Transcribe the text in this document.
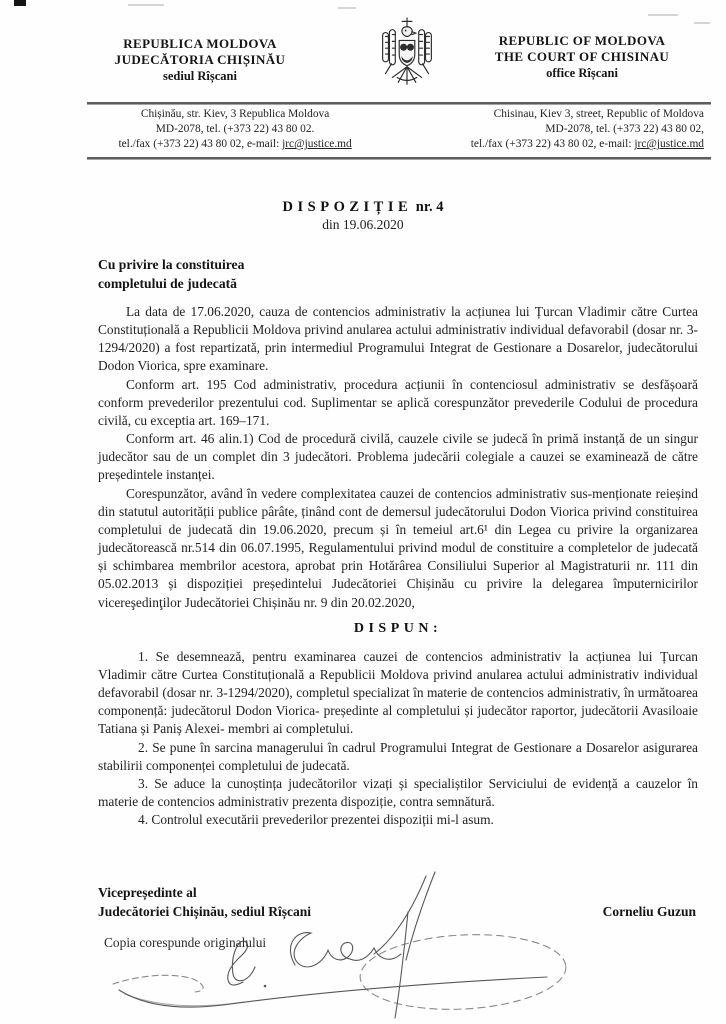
REPUBLICA MOLDOVA
JUDECĂTORIA CHIȘINĂU
sediul Rîșcani
REPUBLIC OF MOLDOVA
THE COURT OF CHISINAU
office Rîșcani
Chișinău, str. Kiev, 3 Republica Moldova
MD-2078, tel. (+373 22) 43 80 02.
tel./fax (+373 22) 43 80 02, e-mail: jrc@justice.md
Chisinau, Kiev 3, street, Republic of Moldova
MD-2078, tel. (+373 22) 43 80 02,
tel./fax (+373 22) 43 80 02, e-mail: jrc@justice.md
DISPOZIȚIE nr. 4
din 19.06.2020
Cu privire la constituirea
completului de judecată

La data de 17.06.2020, cauza de contencios administrativ la acțiunea lui Țurcan Vladimir către Curtea Constituțională a Republicii Moldova privind anularea actului administrativ individual defavorabil (dosar nr. 3-1294/2020) a fost repartizată, prin intermediul Programului Integrat de Gestionare a Dosarelor, judecătorului Dodon Viorica, spre examinare.

Conform art. 195 Cod administrativ, procedura acțiunii în contenciosul administrativ se desfășoară conform prevederilor prezentului cod. Suplimentar se aplică corespunzător prevederile Codului de procedura civilă, cu exceptia art. 169–171.

Conform art. 46 alin.1) Cod de procedură civilă, cauzele civile se judecă în primă instanță de un singur judecător sau de un complet din 3 judecători. Problema judecării colegiale a cauzei se examinează de către președintele instanței.

Corespunzător, având în vedere complexitatea cauzei de contencios administrativ sus-menționate reieșind din statutul autorității publice pârâte, ținând cont de demersul judecătorului Dodon Viorica privind constituirea completului de judecată din 19.06.2020, precum și în temeiul art.6¹ din Legea cu privire la organizarea judecătorească nr.514 din 06.07.1995, Regulamentului privind modul de constituire a completelor de judecată și schimbarea membrilor acestora, aprobat prin Hotărârea Consiliului Superior al Magistraturii nr. 111 din 05.02.2013 și dispoziției președintelui Judecătoriei Chișinău cu privire la delegarea împuternicirilor vicereşedinţilor Judecătoriei Chișinău nr. 9 din 20.02.2020,

DISPUN:

1. Se desemnează, pentru examinarea cauzei de contencios administrativ la acțiunea lui Țurcan Vladimir către Curtea Constituțională a Republicii Moldova privind anularea actului administrativ individual defavorabil (dosar nr. 3-1294/2020), completul specializat în materie de contencios administrativ, în următoarea componență: judecătorul Dodon Viorica- președinte al completului și judecător raportor, judecătorii Avasiloaie Tatiana și Paniș Alexei- membri ai completului.

2. Se pune în sarcina managerului în cadrul Programului Integrat de Gestionare a Dosarelor asigurarea stabilirii componenței completului de judecată.

3. Se aduce la cunoștința judecătorilor vizați și specialiștilor Serviciului de evidență a cauzelor în materie de contencios administrativ prezenta dispoziție, contra semnătură.

4. Controlul executării prevederilor prezentei dispoziții mi-l asum.

Vicepreședinte al
Judecătoriei Chișinău, sediul Rîșcani	Corneliu Guzun
Copia corespunde originalului
